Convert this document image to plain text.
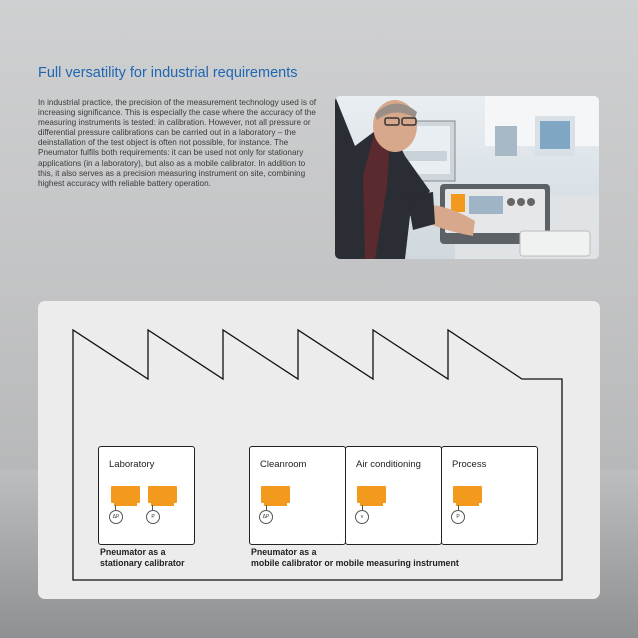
Full versatility for industrial requirements

In industrial practice, the precision of the measurement technology used is of increasing significance. This is especially the case where the accuracy of the measuring instruments is tested: in calibration. However, not all pressure or differential pressure calibrations can be carried out in a laboratory – the deinstallation of the test object is often not possible, for instance. The Pneumator fulfils both requirements: it can be used not only for stationary applications (in a laboratory), but also as a mobile calibrator. In addition to this, it also serves as a precision measuring instrument on site, combining highest accuracy with reliable battery operation.

Laboratory
ΔP	P
Cleanroom
ΔP
Air conditioning
v
Process
P
Pneumator as a
stationary calibrator
Pneumator as a
mobile calibrator or mobile measuring instrument
